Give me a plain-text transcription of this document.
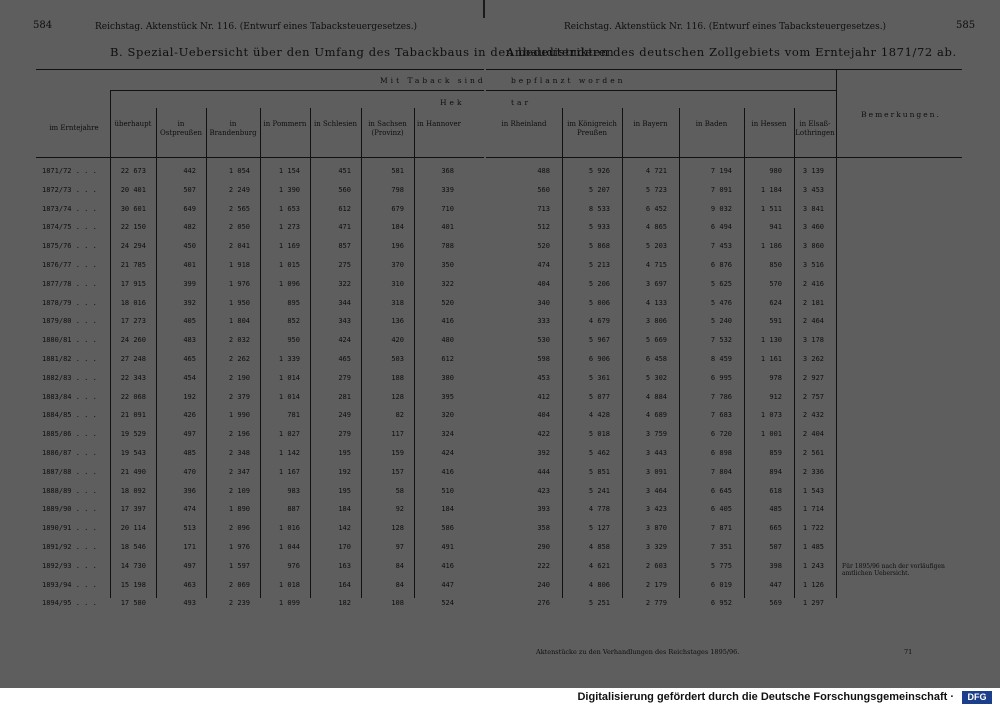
584	Reichstag. Aktenstück Nr. 116. (Entwurf eines Tabacksteuergesetzes.)
B. Spezial-Uebersicht über den Umfang des Tabackbaus in den bedeutenderen
Mit Taback sind
Hek
im Erntejahre	überhaupt	in Ostpreußen
in Brandenburg
in Pommern	in Schlesien	in Sachsen (Provinz)
in Hannover
1871/72 . . .	22 673	442	1 054	1 154	451	581	368
1872/73 . . .	20 401	507	2 249	1 390	560	798	339
1873/74 . . .	30 601	649	2 565	1 653	612	679	710
1874/75 . . .	22 150	482	2 050	1 273	471	184	401
1875/76 . . .	24 294	450	2 041	1 169	857	196	788
1876/77 . . .	21 785	401	1 918	1 015	275	370	350
1877/78 . . .	17 915	399	1 976	1 096	322	310	322
1878/79 . . .	18 016	392	1 950	895	344	318	520
1879/80 . . .	17 273	405	1 804	852	343	136	416
1880/81 . . .	24 260	483	2 032	950	424	420	480
1881/82 . . .	27 248	465	2 262	1 339	465	503	612
1882/83 . . .	22 343	454	2 190	1 014	279	188	380
1883/84 . . .	22 068	192	2 379	1 014	281	128	395
1884/85 . . .	21 091	426	1 990	781	249	82	320
1885/86 . . .	19 529	497	2 196	1 027	279	117	324
1886/87 . . .	19 543	485	2 348	1 142	195	159	424
1887/88 . . .	21 490	470	2 347	1 167	192	157	416
1888/89 . . .	18 092	396	2 109	983	195	58	510
1889/90 . . .	17 397	474	1 890	887	184	92	184
1890/91 . . .	20 114	513	2 096	1 016	142	128	586
1891/92 . . .	18 546	171	1 976	1 044	170	97	491
1892/93 . . .	14 730	497	1 597	976	163	84	416
1893/94 . . .	15 198	463	2 069	1 018	164	84	447
1894/95 . . .	17 580	493	2 239	1 099	182	108	524
Reichstag. Aktenstück Nr. 116. (Entwurf eines Tabacksteuergesetzes.)	585
Anbaudistrikten des deutschen Zollgebiets vom Erntejahr 1871/72 ab.
bepflanzt worden
tar
Bemerkungen.
in Rheinland	im Königreich Preußen
in Bayern	in Baden	in Hessen	in Elsaß-Lothringen
488	5 926	4 721	7 194	980	3 139
560	5 207	5 723	7 091	1 184	3 453
713	8 533	6 452	9 032	1 511	3 841
512	5 933	4 865	6 494	941	3 460
520	5 868	5 203	7 453	1 186	3 860
474	5 213	4 715	6 876	850	3 516
404	5 206	3 697	5 625	570	2 416
340	5 006	4 133	5 476	624	2 181
333	4 679	3 806	5 240	591	2 464
530	5 967	5 669	7 532	1 130	3 178
598	6 906	6 458	8 459	1 161	3 262
453	5 361	5 302	6 995	978	2 927
412	5 077	4 884	7 786	912	2 757
404	4 428	4 689	7 683	1 073	2 432
422	5 018	3 759	6 720	1 001	2 404
392	5 462	3 443	6 898	859	2 561
444	5 851	3 091	7 804	894	2 336
423	5 241	3 464	6 645	618	1 543
393	4 778	3 423	6 405	485	1 714
358	5 127	3 870	7 871	665	1 722
290	4 858	3 329	7 351	507	1 485
222	4 621	2 603	5 775	398	1 243
240	4 806	2 179	6 019	447	1 126
276	5 251	2 779	6 952	569	1 297
Für 1895/96 nach der vorläufigen amtlichen Uebersicht.
Aktenstücke zu den Verhandlungen des Reichstages 1895/96.	71
Digitalisierung gefördert durch die Deutsche Forschungsgemeinschaft ·	DFG
